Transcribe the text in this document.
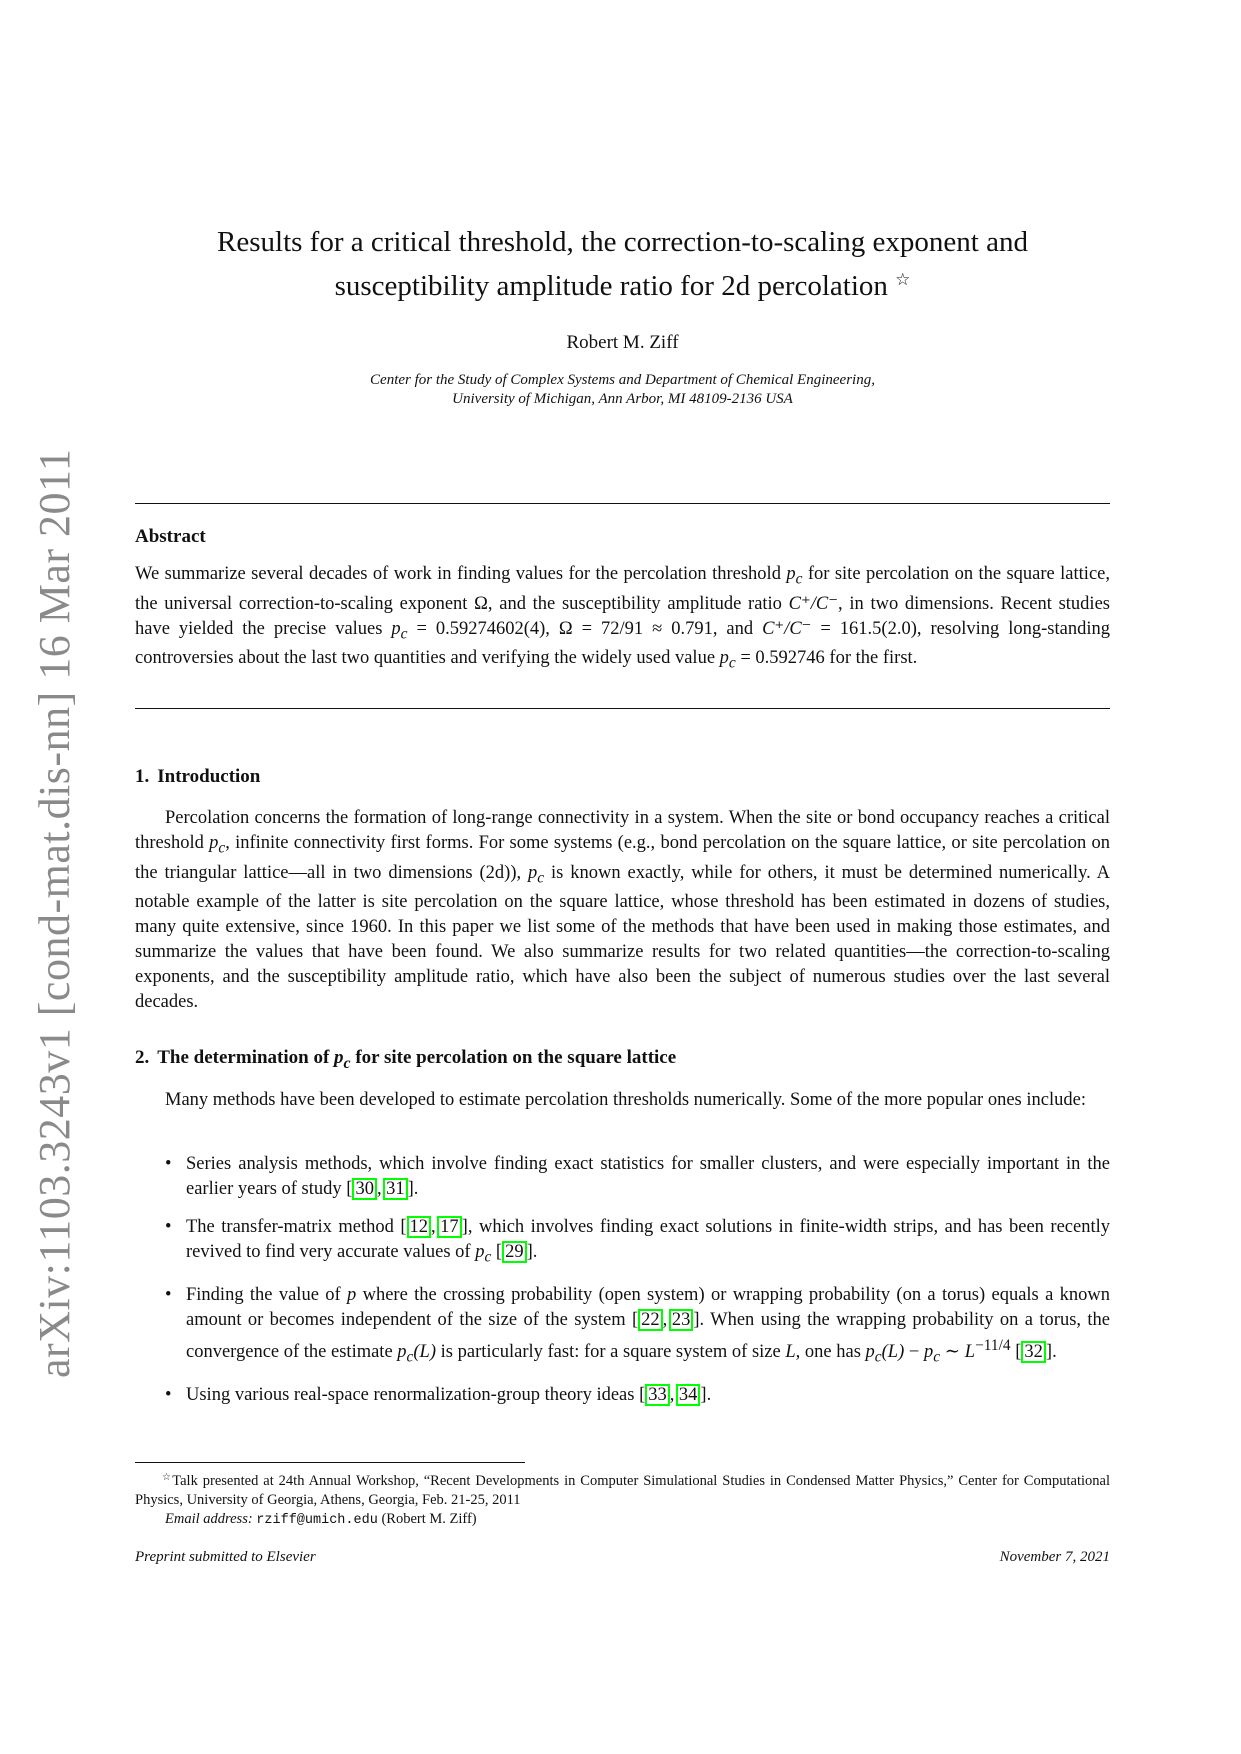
arXiv:1103.3243v1 [cond-mat.dis-nn] 16 Mar 2011
Results for a critical threshold, the correction-to-scaling exponent and
susceptibility amplitude ratio for 2d percolation ☆
Robert M. Ziff
Center for the Study of Complex Systems and Department of Chemical Engineering,
University of Michigan, Ann Arbor, MI 48109-2136 USA
Abstract
We summarize several decades of work in finding values for the percolation threshold $p_c$ for site percolation on the square lattice, the universal correction-to-scaling exponent Ω, and the susceptibility amplitude ratio C⁺/C⁻, in two dimensions. Recent studies have yielded the precise values $p_c = 0.59274602(4)$, Ω = 72/91 ≈ 0.791, and C⁺/C⁻ = 161.5(2.0), resolving long-standing controversies about the last two quantities and verifying the widely used value $p_c = 0.592746$ for the first.
1. Introduction
Percolation concerns the formation of long-range connectivity in a system. When the site or bond occupancy reaches a critical threshold $p_c$, infinite connectivity first forms. For some systems (e.g., bond percolation on the square lattice, or site percolation on the triangular lattice—all in two dimensions (2d)), $p_c$ is known exactly, while for others, it must be determined numerically. A notable example of the latter is site percolation on the square lattice, whose threshold has been estimated in dozens of studies, many quite extensive, since 1960. In this paper we list some of the methods that have been used in making those estimates, and summarize the values that have been found. We also summarize results for two related quantities—the correction-to-scaling exponents, and the susceptibility amplitude ratio, which have also been the subject of numerous studies over the last several decades.
2. The determination of $p_c$ for site percolation on the square lattice
Many methods have been developed to estimate percolation thresholds numerically. Some of the more popular ones include:
• Series analysis methods, which involve finding exact statistics for smaller clusters, and were especially important in the earlier years of study [ 30 , 31 ].
• The transfer-matrix method [ 12 , 17 ], which involves finding exact solutions in finite-width strips, and has been recently revived to find very accurate values of $p_c$ [ 29 ].
• Finding the value of p where the crossing probability (open system) or wrapping probability (on a torus) equals a known amount or becomes independent of the size of the system [ 22 , 23 ]. When using the wrapping probability on a torus, the convergence of the estimate $p_c(L)$ is particularly fast: for a square system of size L, one has $p_c(L) - p_c$ ∼ $L^{-11/4}$ [ 32 ].
• Using various real-space renormalization-group theory ideas [ 33 , 34 ].
☆Talk presented at 24th Annual Workshop, “Recent Developments in Computer Simulational Studies in Condensed Matter Physics,” Center for Computational Physics, University of Georgia, Athens, Georgia, Feb. 21-25, 2011
Email address: rziff@umich.edu (Robert M. Ziff)
Preprint submitted to Elsevier	November 7, 2021
